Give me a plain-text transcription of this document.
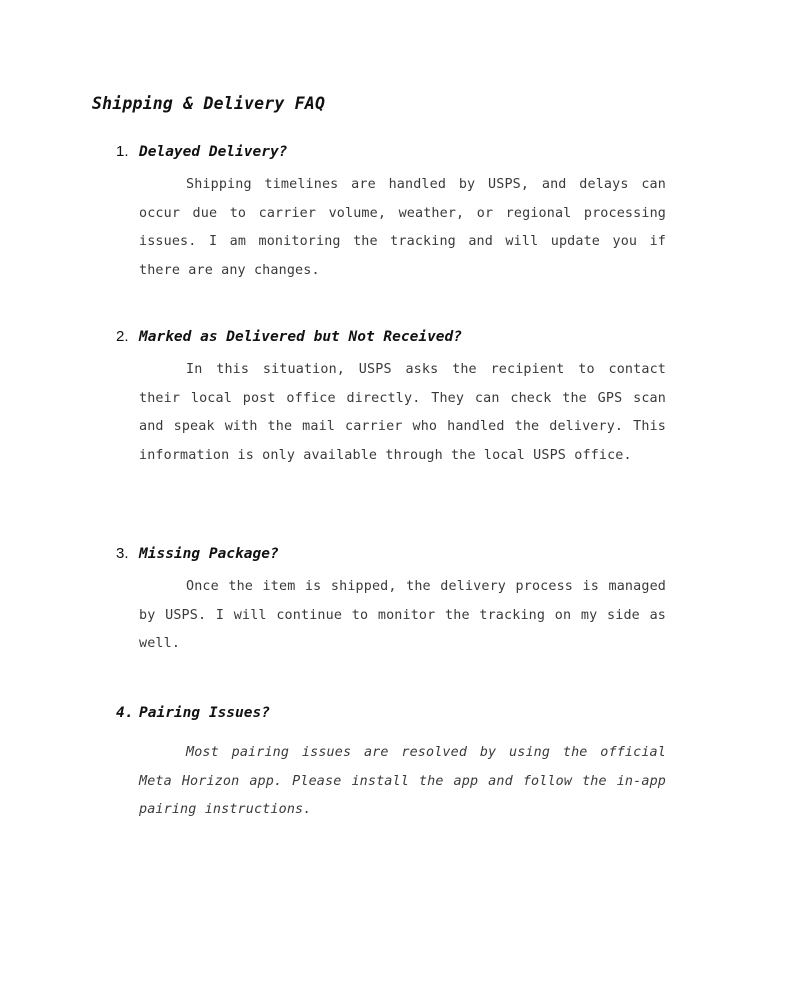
Shipping & Delivery FAQ
1. Delayed Delivery?

Shipping timelines are handled by USPS, and delays can occur due to carrier volume, weather, or regional processing issues. I am monitoring the tracking and will update you if there are any changes.

2. Marked as Delivered but Not Received?

In this situation, USPS asks the recipient to contact their local post office directly. They can check the GPS scan and speak with the mail carrier who handled the delivery. This information is only available through the local USPS office.

3. Missing Package?

Once the item is shipped, the delivery process is managed by USPS. I will continue to monitor the tracking on my side as well.

4. Pairing Issues?

Most pairing issues are resolved by using the official Meta Horizon app. Please install the app and follow the in-app pairing instructions.
